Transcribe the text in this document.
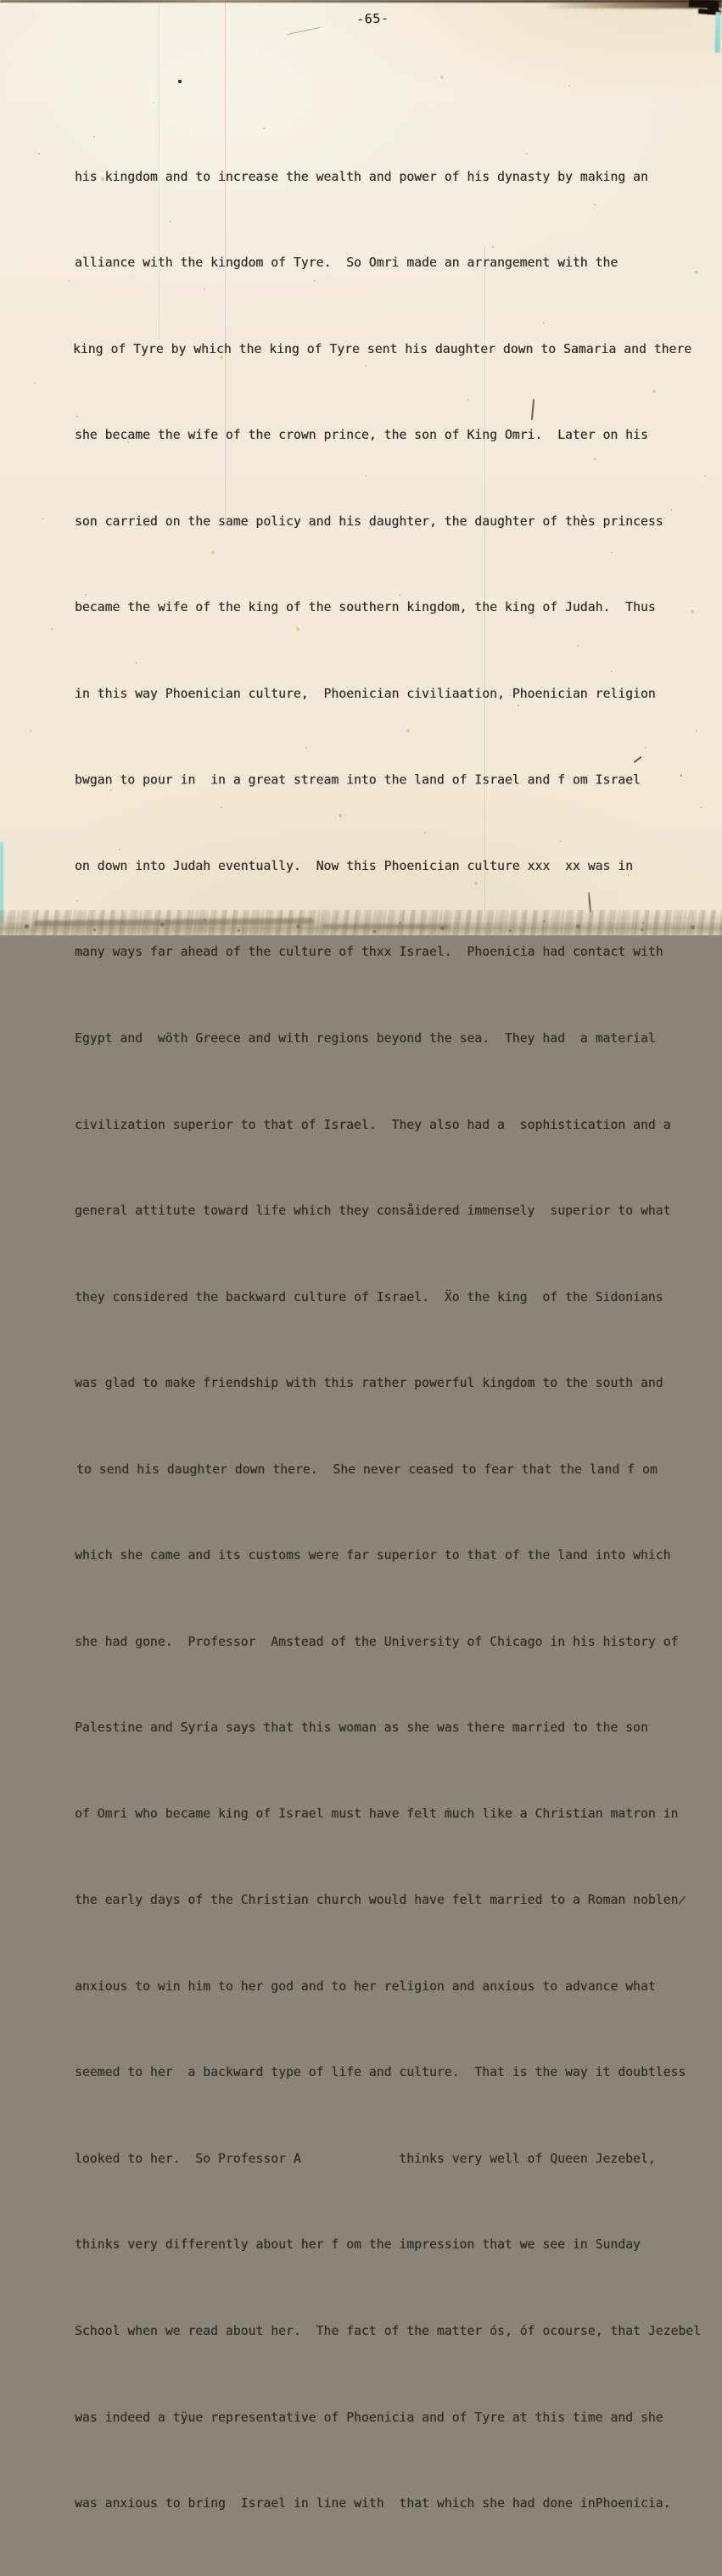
-65-

his kingdom and to increase the wealth and power of his dynasty by making an

alliance with the kingdom of Tyre.  So Omri made an arrangement with the

king of Tyre by which the king of Tyre sent his daughter down to Samaria and there

she became the wife of the crown prince, the son of King Omri.  Later on his

son carried on the same policy and his daughter, the daughter of thès princess

became the wife of the king of the southern kingdom, the king of Judah.  Thus

in this way Phoenician culture,  Phoenician civiliaation, Phoenician religion

bwgan to pour in  in a great stream into the land of Israel and f om Israel

on down into Judah eventually.  Now this Phoenician culture xxx  xx was in

many ways far ahead of the culture of thxx Israel.  Phoenicia had contact with

Egypt and  wöth Greece and with regions beyond the sea.  They had  a material

civilization superior to that of Israel.  They also had a  sophistication and a

general attitute toward life which they consåidered immensely  superior to what

they considered the backward culture of Israel.  Ẍo the king  of the Sidonians

was glad to make friendship with this rather powerful kingdom to the south and

to send his daughter down there.  She never ceased to fear that the land f om

which she came and its customs were far superior to that of the land into which

she had gone.  Professor  Amstead of the University of Chicago in his history of

Palestine and Syria says that this woman as she was there married to the son

of Omri who became king of Israel must have felt ṁuch like a Christian matron in

the early days of the Christian church would have felt married to a Roman noblen̷

anxious to win him to her god and to her religion and anxious to advance what

seemed to her  a backward type of life and culture.  That is the way it doubtless

looked to her.  So Professor A             thinks very well of Queen Jezebel,

thinks very differently about her f om the impression that we see in Sunday

School when we read about her.  The fact of the matter ós, óf ocourse, that Jezebel

was indeed a tÿue representative of Phoenicia and of Tyre at this time and she

was anxious to bring  Israel in line with  that which she had done inPhoenicia.
